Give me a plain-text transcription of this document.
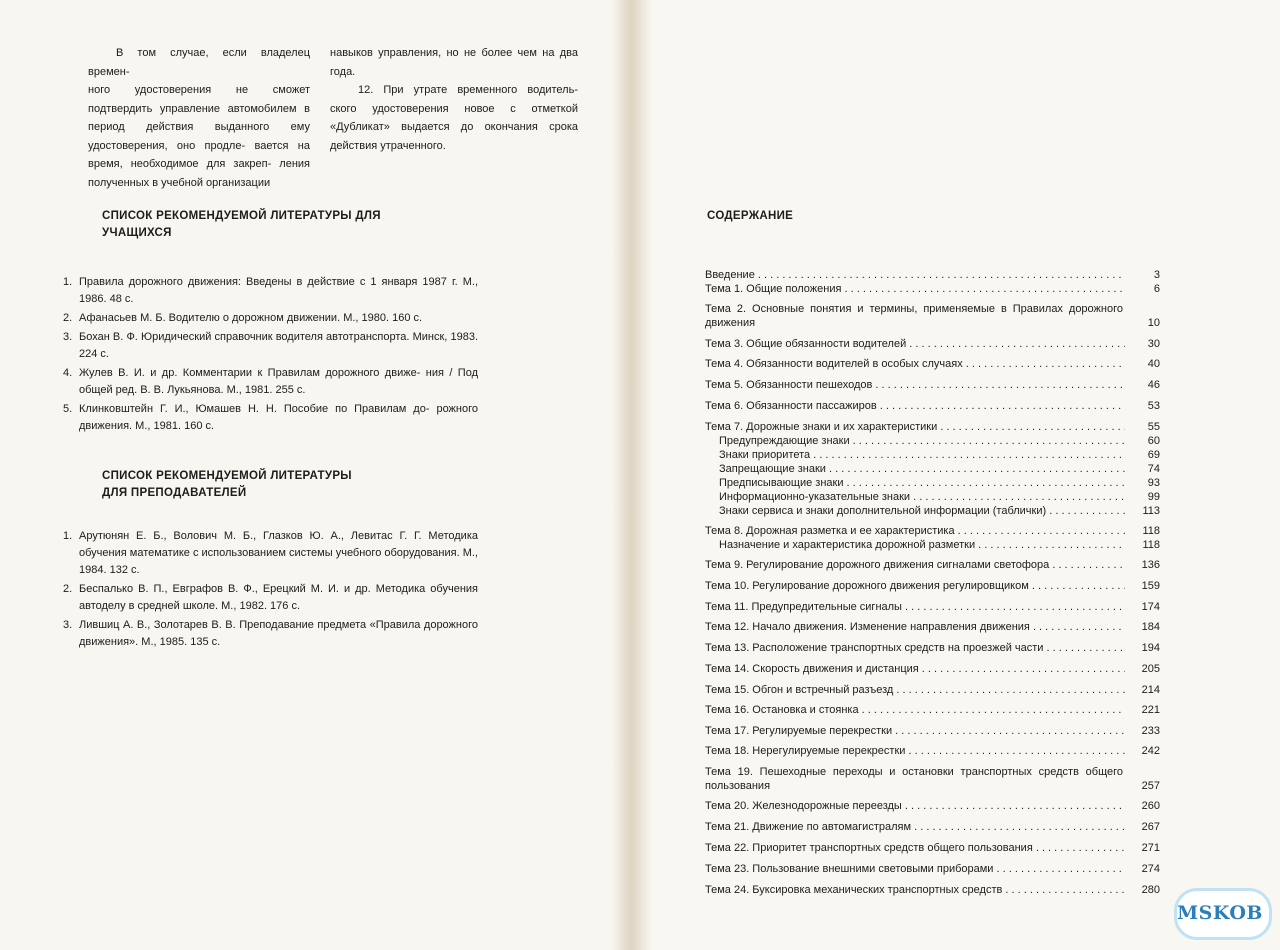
В том случае, если владелец времен-

ного удостоверения не сможет подтвердить управление автомобилем в период действия выданного ему удостоверения, оно продле- вается на время, необходимое для закреп- ления полученных в учебной организации

навыков управления, но не более чем на два года.

12. При утрате временного водитель- ского удостоверения новое с отметкой «Дубликат» выдается до окончания срока действия утраченного.

СПИСОК РЕКОМЕНДУЕМОЙ ЛИТЕРАТУРЫ ДЛЯ
УЧАЩИХСЯ
1. Правила дорожного движения: Введены в действие с 1 января 1987 г. М., 1986. 48 с.
2. Афанасьев М. Б. Водителю о дорожном движении. М., 1980. 160 с.
3. Бохан В. Ф. Юридический справочник водителя автотранспорта. Минск, 1983. 224 с.
4. Жулев В. И. и др. Комментарии к Правилам дорожного движе- ния / Под общей ред. В. В. Лукьянова. М., 1981. 255 с.
5. Клинковштейн Г. И., Юмашев Н. Н. Пособие по Правилам до- рожного движения. М., 1981. 160 с.
СПИСОК РЕКОМЕНДУЕМОЙ ЛИТЕРАТУРЫ
ДЛЯ ПРЕПОДАВАТЕЛЕЙ
1. Арутюнян Е. Б., Волович М. Б., Глазков Ю. А., Левитас Г. Г. Методика обучения математике с использованием системы учебного оборудования. М., 1984. 132 с.
2. Беспалько В. П., Евграфов В. Ф., Ерецкий М. И. и др. Методика обучения автоделу в средней школе. М., 1982. 176 с.
3. Лившиц А. В., Золотарев В. В. Преподавание предмета «Правила дорожного движения». М., 1985. 135 с.
СОДЕРЖАНИЕ
Введение . . .	3
Тема 1. Общие положения . . .	6
Тема 2. Основные понятия и термины, применяемые в Правилах дорожного движения	10
Тема 3. Общие обязанности водителей . . .	30
Тема 4. Обязанности водителей в особых случаях . . .	40
Тема 5. Обязанности пешеходов . . .	46
Тема 6. Обязанности пассажиров . . .	53
Тема 7. Дорожные знаки и их характеристики . . .	55
Предупреждающие знаки . . .	60
Знаки приоритета . . .	69
Запрещающие знаки . . .	74
Предписывающие знаки . . .	93
Информационно-указательные знаки . . .	99
Знаки сервиса и знаки дополнительной информации (таблички) . . .	113
Тема 8. Дорожная разметка и ее характеристика . . .	118
Назначение и характеристика дорожной разметки . . .	118
Тема 9. Регулирование дорожного движения сигналами светофора . . .	136
Тема 10. Регулирование дорожного движения регулировщиком . . .	159
Тема 11. Предупредительные сигналы . . .	174
Тема 12. Начало движения. Изменение направления движения . . .	184
Тема 13. Расположение транспортных средств на проезжей части . . .	194
Тема 14. Скорость движения и дистанция . . .	205
Тема 15. Обгон и встречный разъезд . . .	214
Тема 16. Остановка и стоянка . . .	221
Тема 17. Регулируемые перекрестки . . .	233
Тема 18. Нерегулируемые перекрестки . . .	242
Тема 19. Пешеходные переходы и остановки транспортных средств общего пользования	257
Тема 20. Железнодорожные переезды . . .	260
Тема 21. Движение по автомагистралям . . .	267
Тема 22. Приоритет транспортных средств общего пользования . . .	271
Тема 23. Пользование внешними световыми приборами . . .	274
Тема 24. Буксировка механических транспортных средств . . .	280
MSKOB
